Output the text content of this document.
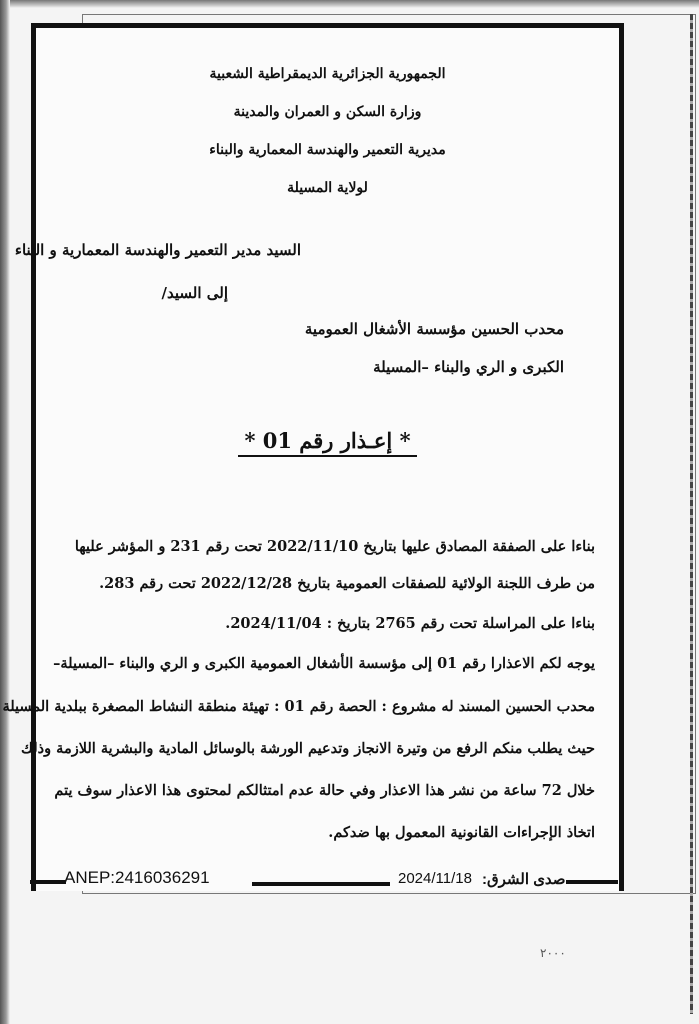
الجمهورية الجزائرية الديمقراطية الشعبية
وزارة السكن و العمران والمدينة
مديرية التعمير والهندسة المعمارية والبناء
لولاية المسيلة
السيد مدير التعمير والهندسة المعمارية و البناء
إلى السيد/
محدب الحسين مؤسسة الأشغال العمومية
الكبرى و الري والبناء –المسيلة
* إعـذار رقم 01 *
بناءا على الصفقة المصادق عليها بتاريخ 2022/11/10 تحت رقم 231 و المؤشر عليها
من طرف اللجنة الولائية للصفقات العمومية بتاريخ 2022/12/28 تحت رقم 283.
بناءا على المراسلة تحت رقم 2765 بتاريخ : 2024/11/04.
يوجه لكم الاعذارا رقم 01 إلى مؤسسة الأشغال العمومية الكبرى و الري والبناء –المسيلة–
محدب الحسين المسند له مشروع : الحصة رقم 01 : تهيئة منطقة النشاط المصغرة ببلدية المسيلة
حيث يطلب منكم الرفع من وتيرة الانجاز وتدعيم الورشة بالوسائل المادية والبشرية اللازمة وذلك
خلال 72 ساعة من نشر هذا الاعذار وفي حالة عدم امتثالكم لمحتوى هذا الاعذار سوف يتم
اتخاذ الإجراءات القانونية المعمول بها ضدكم.
ANEP:2416036291	2024/11/18 صدى الشرق:
٢٠٠٠
